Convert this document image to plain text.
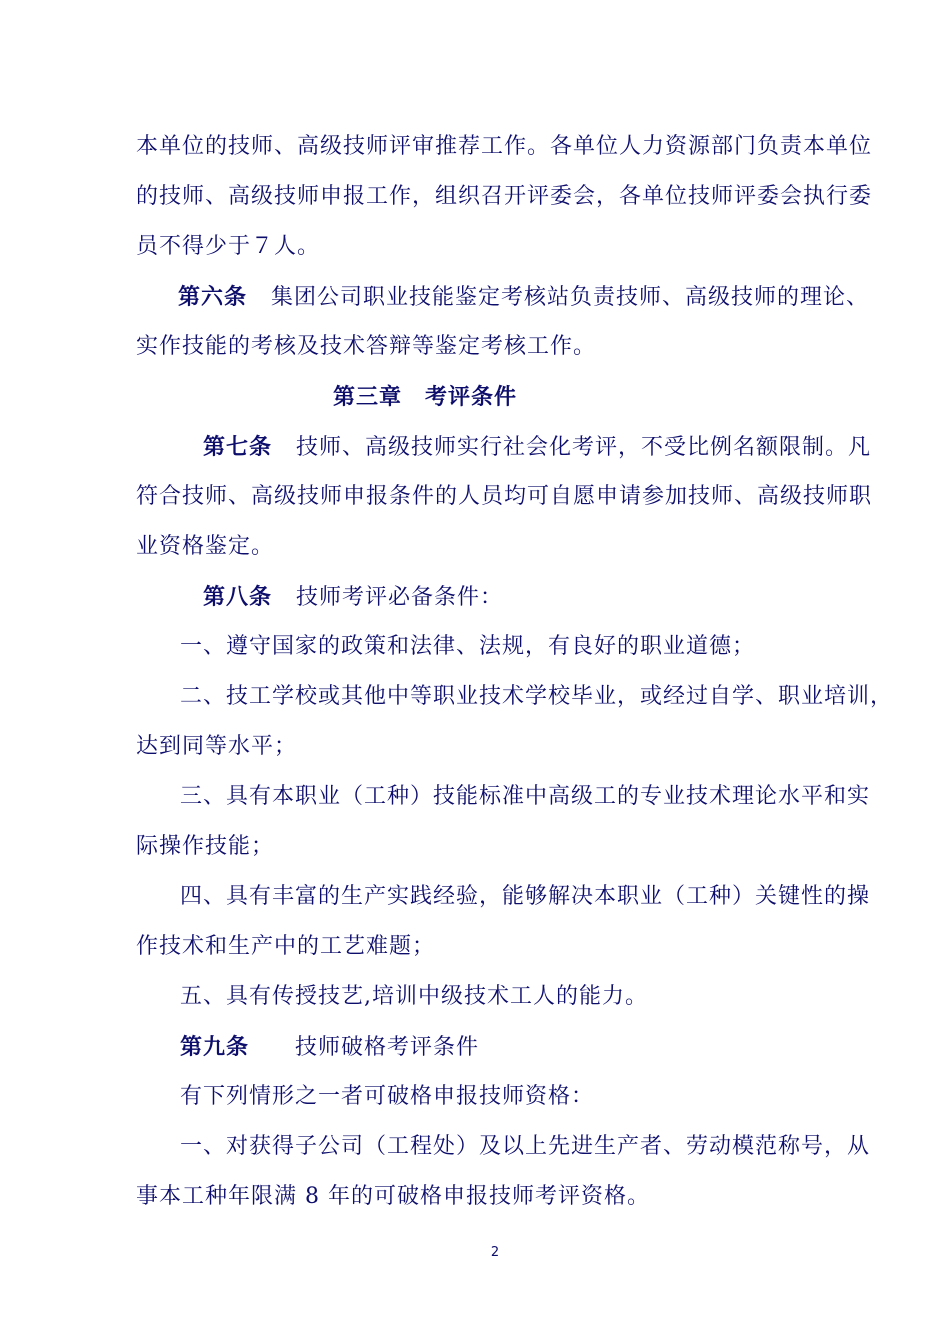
本单位的技师、高级技师评审推荐工作。各单位人力资源部门负责本单位
的技师、高级技师申报工作，组织召开评委会，各单位技师评委会执行委
员不得少于７人。
第六条 集团公司职业技能鉴定考核站负责技师、高级技师的理论、
实作技能的考核及技术答辩等鉴定考核工作。
第三章　考评条件
第七条 技师、高级技师实行社会化考评，不受比例名额限制。凡
符合技师、高级技师申报条件的人员均可自愿申请参加技师、高级技师职
业资格鉴定。
第八条 技师考评必备条件：
一、遵守国家的政策和法律、法规，有良好的职业道德；
二、技工学校或其他中等职业技术学校毕业，或经过自学、职业培训，
达到同等水平；
三、具有本职业（工种）技能标准中高级工的专业技术理论水平和实
际操作技能；
四、具有丰富的生产实践经验，能够解决本职业（工种）关键性的操
作技术和生产中的工艺难题；
五、具有传授技艺,培训中级技术工人的能力。
第九条 技师破格考评条件
有下列情形之一者可破格申报技师资格：
一、对获得子公司（工程处）及以上先进生产者、劳动模范称号，从
事本工种年限满 8 年的可破格申报技师考评资格。
2
